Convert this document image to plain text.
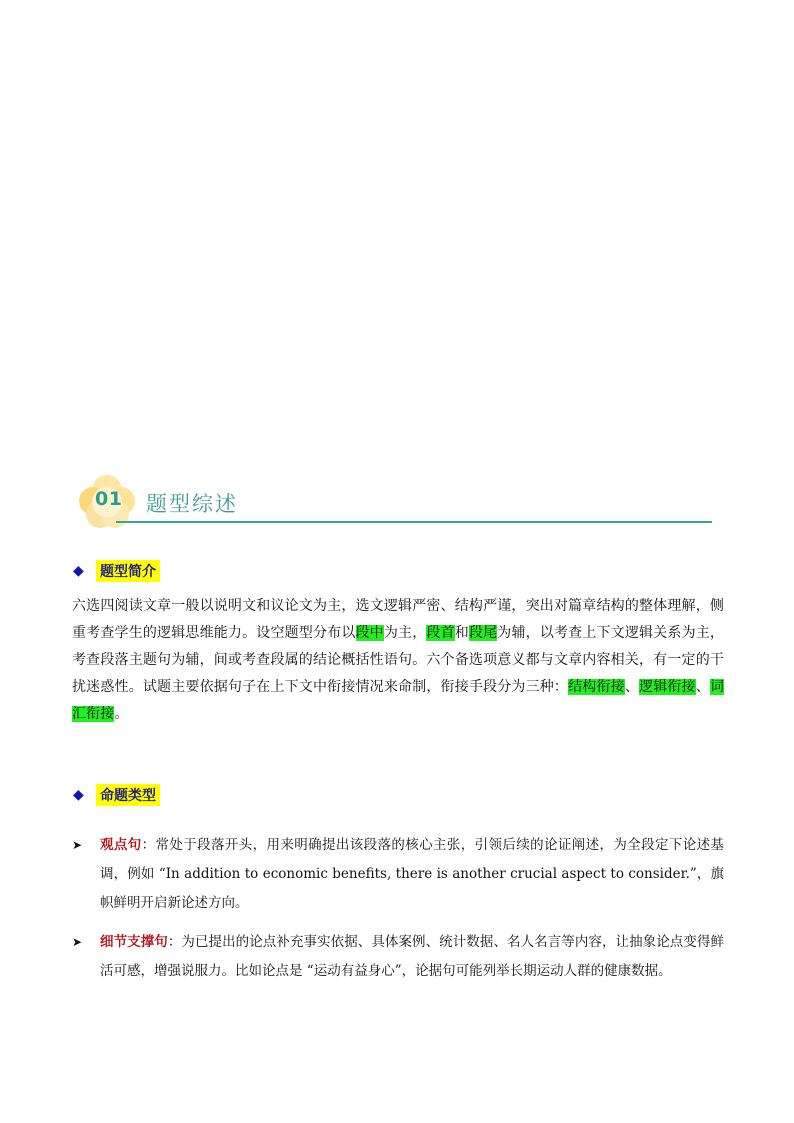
01 题型综述
◆	题型简介
六选四阅读文章一般以说明文和议论文为主，选文逻辑严密、结构严谨，突出对篇章结构的整体理解，侧重考查学生的逻辑思维能力。设空题型分布以段中为主，段首和段尾为辅，以考查上下文逻辑关系为主，考查段落主题句为辅，间或考查段属的结论概括性语句。六个备选项意义都与文章内容相关，有一定的干扰迷惑性。试题主要依据句子在上下文中衔接情况来命制，衔接手段分为三种：结构衔接、逻辑衔接、词汇衔接。
◆	命题类型
➤ 观点句：常处于段落开头，用来明确提出该段落的核心主张，引领后续的论证阐述，为全段定下论述基调，例如 “In addition to economic benefits, there is another crucial aspect to consider.”，旗帜鲜明开启新论述方向。
➤ 细节支撑句：为已提出的论点补充事实依据、具体案例、统计数据、名人名言等内容，让抽象论点变得鲜活可感，增强说服力。比如论点是 “运动有益身心”，论据句可能列举长期运动人群的健康数据。
